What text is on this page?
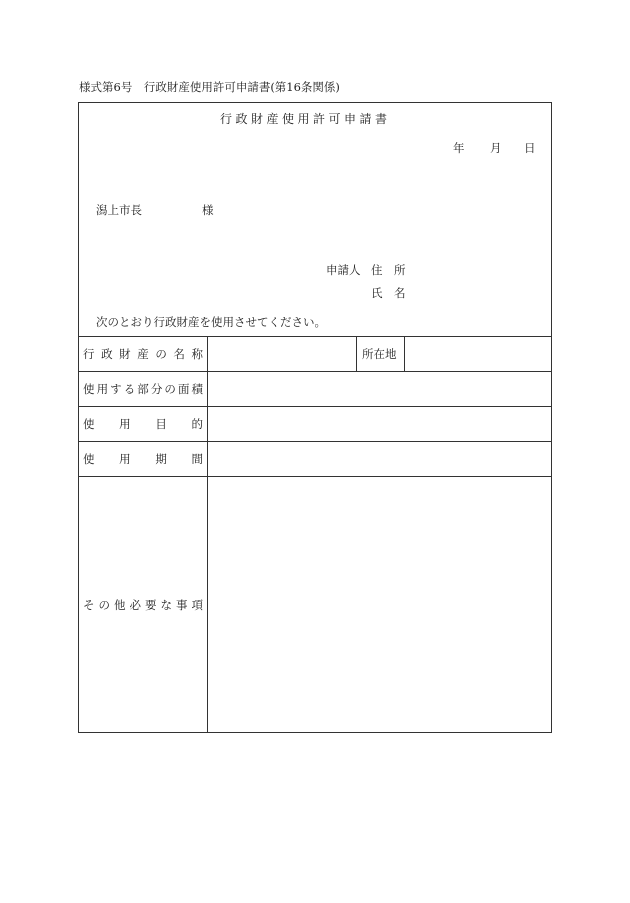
様式第6号　行政財産使用許可申請書(第16条関係)
行政財産使用許可申請書
年 月 日
潟上市長	様
申請人 住　所
氏　名
次のとおり行政財産を使用させてください。
行 政 財 産 の 名 称	所在地
使 用 す る 部 分 の 面 積
使 用 目 的
使 用 期 間
そ の 他 必 要 な 事 項
